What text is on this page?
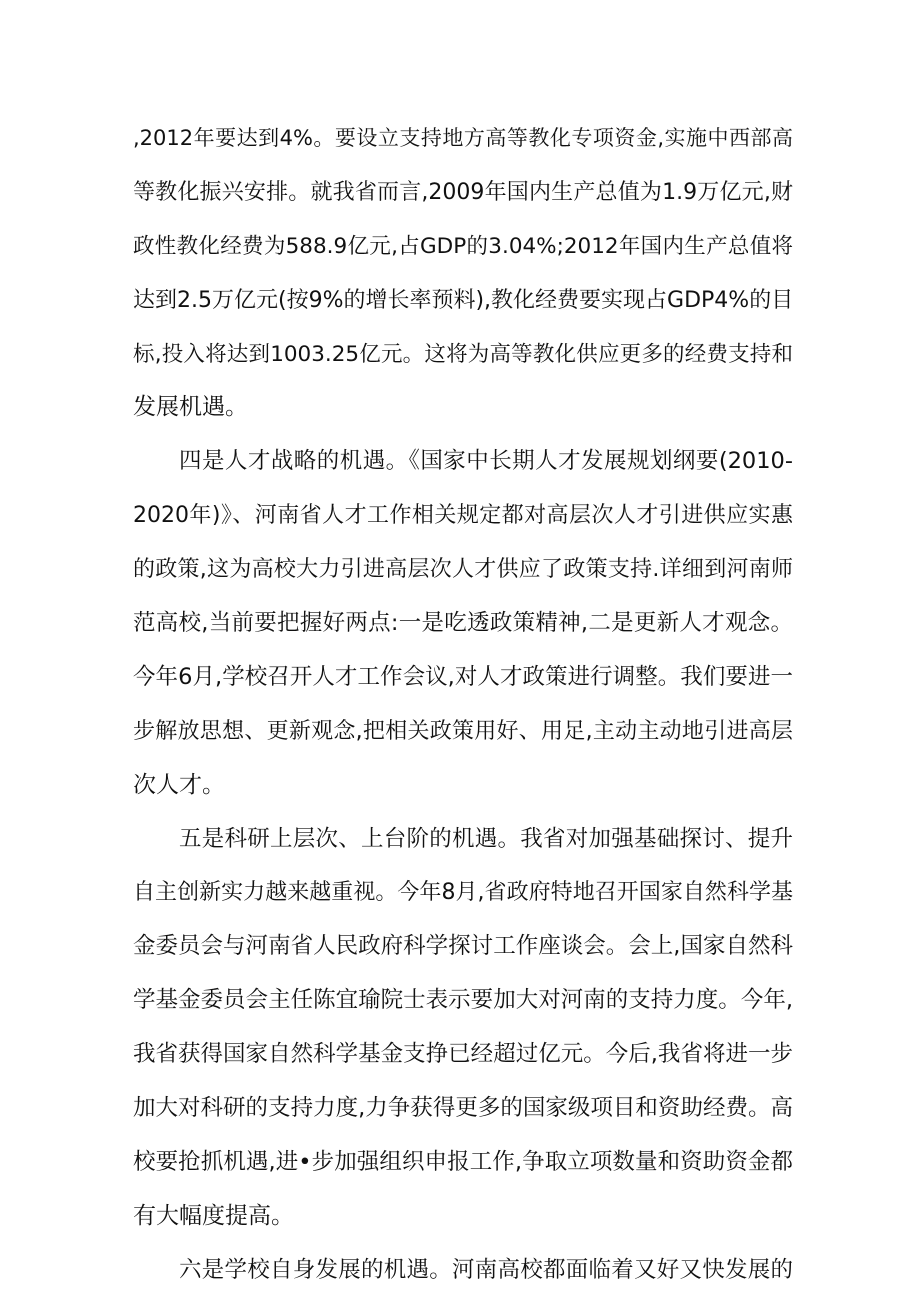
,2012年要达到4%。要设立支持地方高等教化专项资金,实施中西部高
等教化振兴安排。就我省而言,2009年国内生产总值为1.9万亿元,财
政性教化经费为588.9亿元,占GDP的3.04%;2012年国内生产总值将
达到2.5万亿元(按9%的增长率预料),教化经费要实现占GDP4%的目
标,投入将达到1003.25亿元。这将为高等教化供应更多的经费支持和
发展机遇。
四是人才战略的机遇。《国家中长期人才发展规划纲要(2010-
2020年)》、河南省人才工作相关规定都对高层次人才引进供应实惠
的政策,这为高校大力引进高层次人才供应了政策支持.详细到河南师
范高校,当前要把握好两点:一是吃透政策精神,二是更新人才观念。
今年6月,学校召开人才工作会议,对人才政策进行调整。我们要进一
步解放思想、更新观念,把相关政策用好、用足,主动主动地引进高层
次人才。
五是科研上层次、上台阶的机遇。我省对加强基础探讨、提升
自主创新实力越来越重视。今年8月,省政府特地召开国家自然科学基
金委员会与河南省人民政府科学探讨工作座谈会。会上,国家自然科
学基金委员会主任陈宜瑜院士表示要加大对河南的支持力度。今年,
我省获得国家自然科学基金支挣已经超过亿元。今后,我省将进一步
加大对科研的支持力度,力争获得更多的国家级项目和资助经费。高
校要抢抓机遇,进•步加强组织申报工作,争取立项数量和资助资金都
有大幅度提高。
六是学校自身发展的机遇。河南高校都面临着又好又快发展的
